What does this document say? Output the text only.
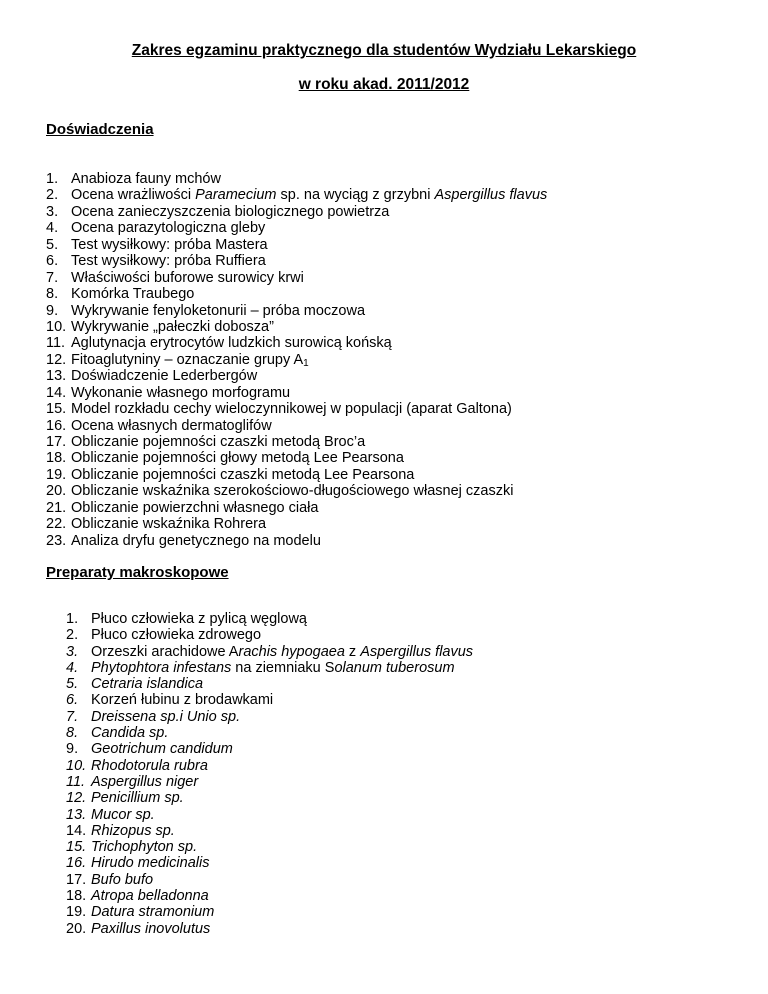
Zakres egzaminu praktycznego dla studentów Wydziału Lekarskiego
w roku akad. 2011/2012
Doświadczenia
1. Anabioza fauny mchów
2. Ocena wrażliwości Paramecium sp. na wyciąg z grzybni Aspergillus flavus
3. Ocena zanieczyszczenia biologicznego powietrza
4. Ocena parazytologiczna gleby
5. Test wysiłkowy: próba Mastera
6. Test wysiłkowy: próba Ruffiera
7. Właściwości buforowe surowicy krwi
8. Komórka Traubego
9. Wykrywanie fenyloketonurii – próba moczowa
10. Wykrywanie „pałeczki dobosza”
11. Aglutynacja erytrocytów ludzkich surowicą końską
12. Fitoaglutyniny – oznaczanie grupy $A_1$
13. Doświadczenie Lederbergów
14. Wykonanie własnego morfogramu
15. Model rozkładu cechy wieloczynnikowej w populacji (aparat Galtona)
16. Ocena własnych dermatoglifów
17. Obliczanie pojemności czaszki metodą Broc’a
18. Obliczanie pojemności głowy metodą Lee Pearsona
19. Obliczanie pojemności czaszki metodą Lee Pearsona
20. Obliczanie wskaźnika szerokościowo-długościowego własnej czaszki
21. Obliczanie powierzchni własnego ciała
22. Obliczanie wskaźnika Rohrera
23. Analiza dryfu genetycznego na modelu
Preparaty makroskopowe
1. Płuco człowieka z pylicą węglową
2. Płuco człowieka zdrowego
3. Orzeszki arachidowe Arachis hypogaea z Aspergillus flavus
4. Phytophtora infestans na ziemniaku Solanum tuberosum
5. Cetraria islandica
6. Korzeń łubinu z brodawkami
7. Dreissena sp.i Unio sp.
8. Candida sp.
9. Geotrichum candidum
10. Rhodotorula rubra
11. Aspergillus niger
12. Penicillium sp.
13. Mucor sp.
14. Rhizopus sp.
15. Trichophyton sp.
16. Hirudo medicinalis
17. Bufo bufo
18. Atropa belladonna
19. Datura stramonium
20. Paxillus inovolutus
